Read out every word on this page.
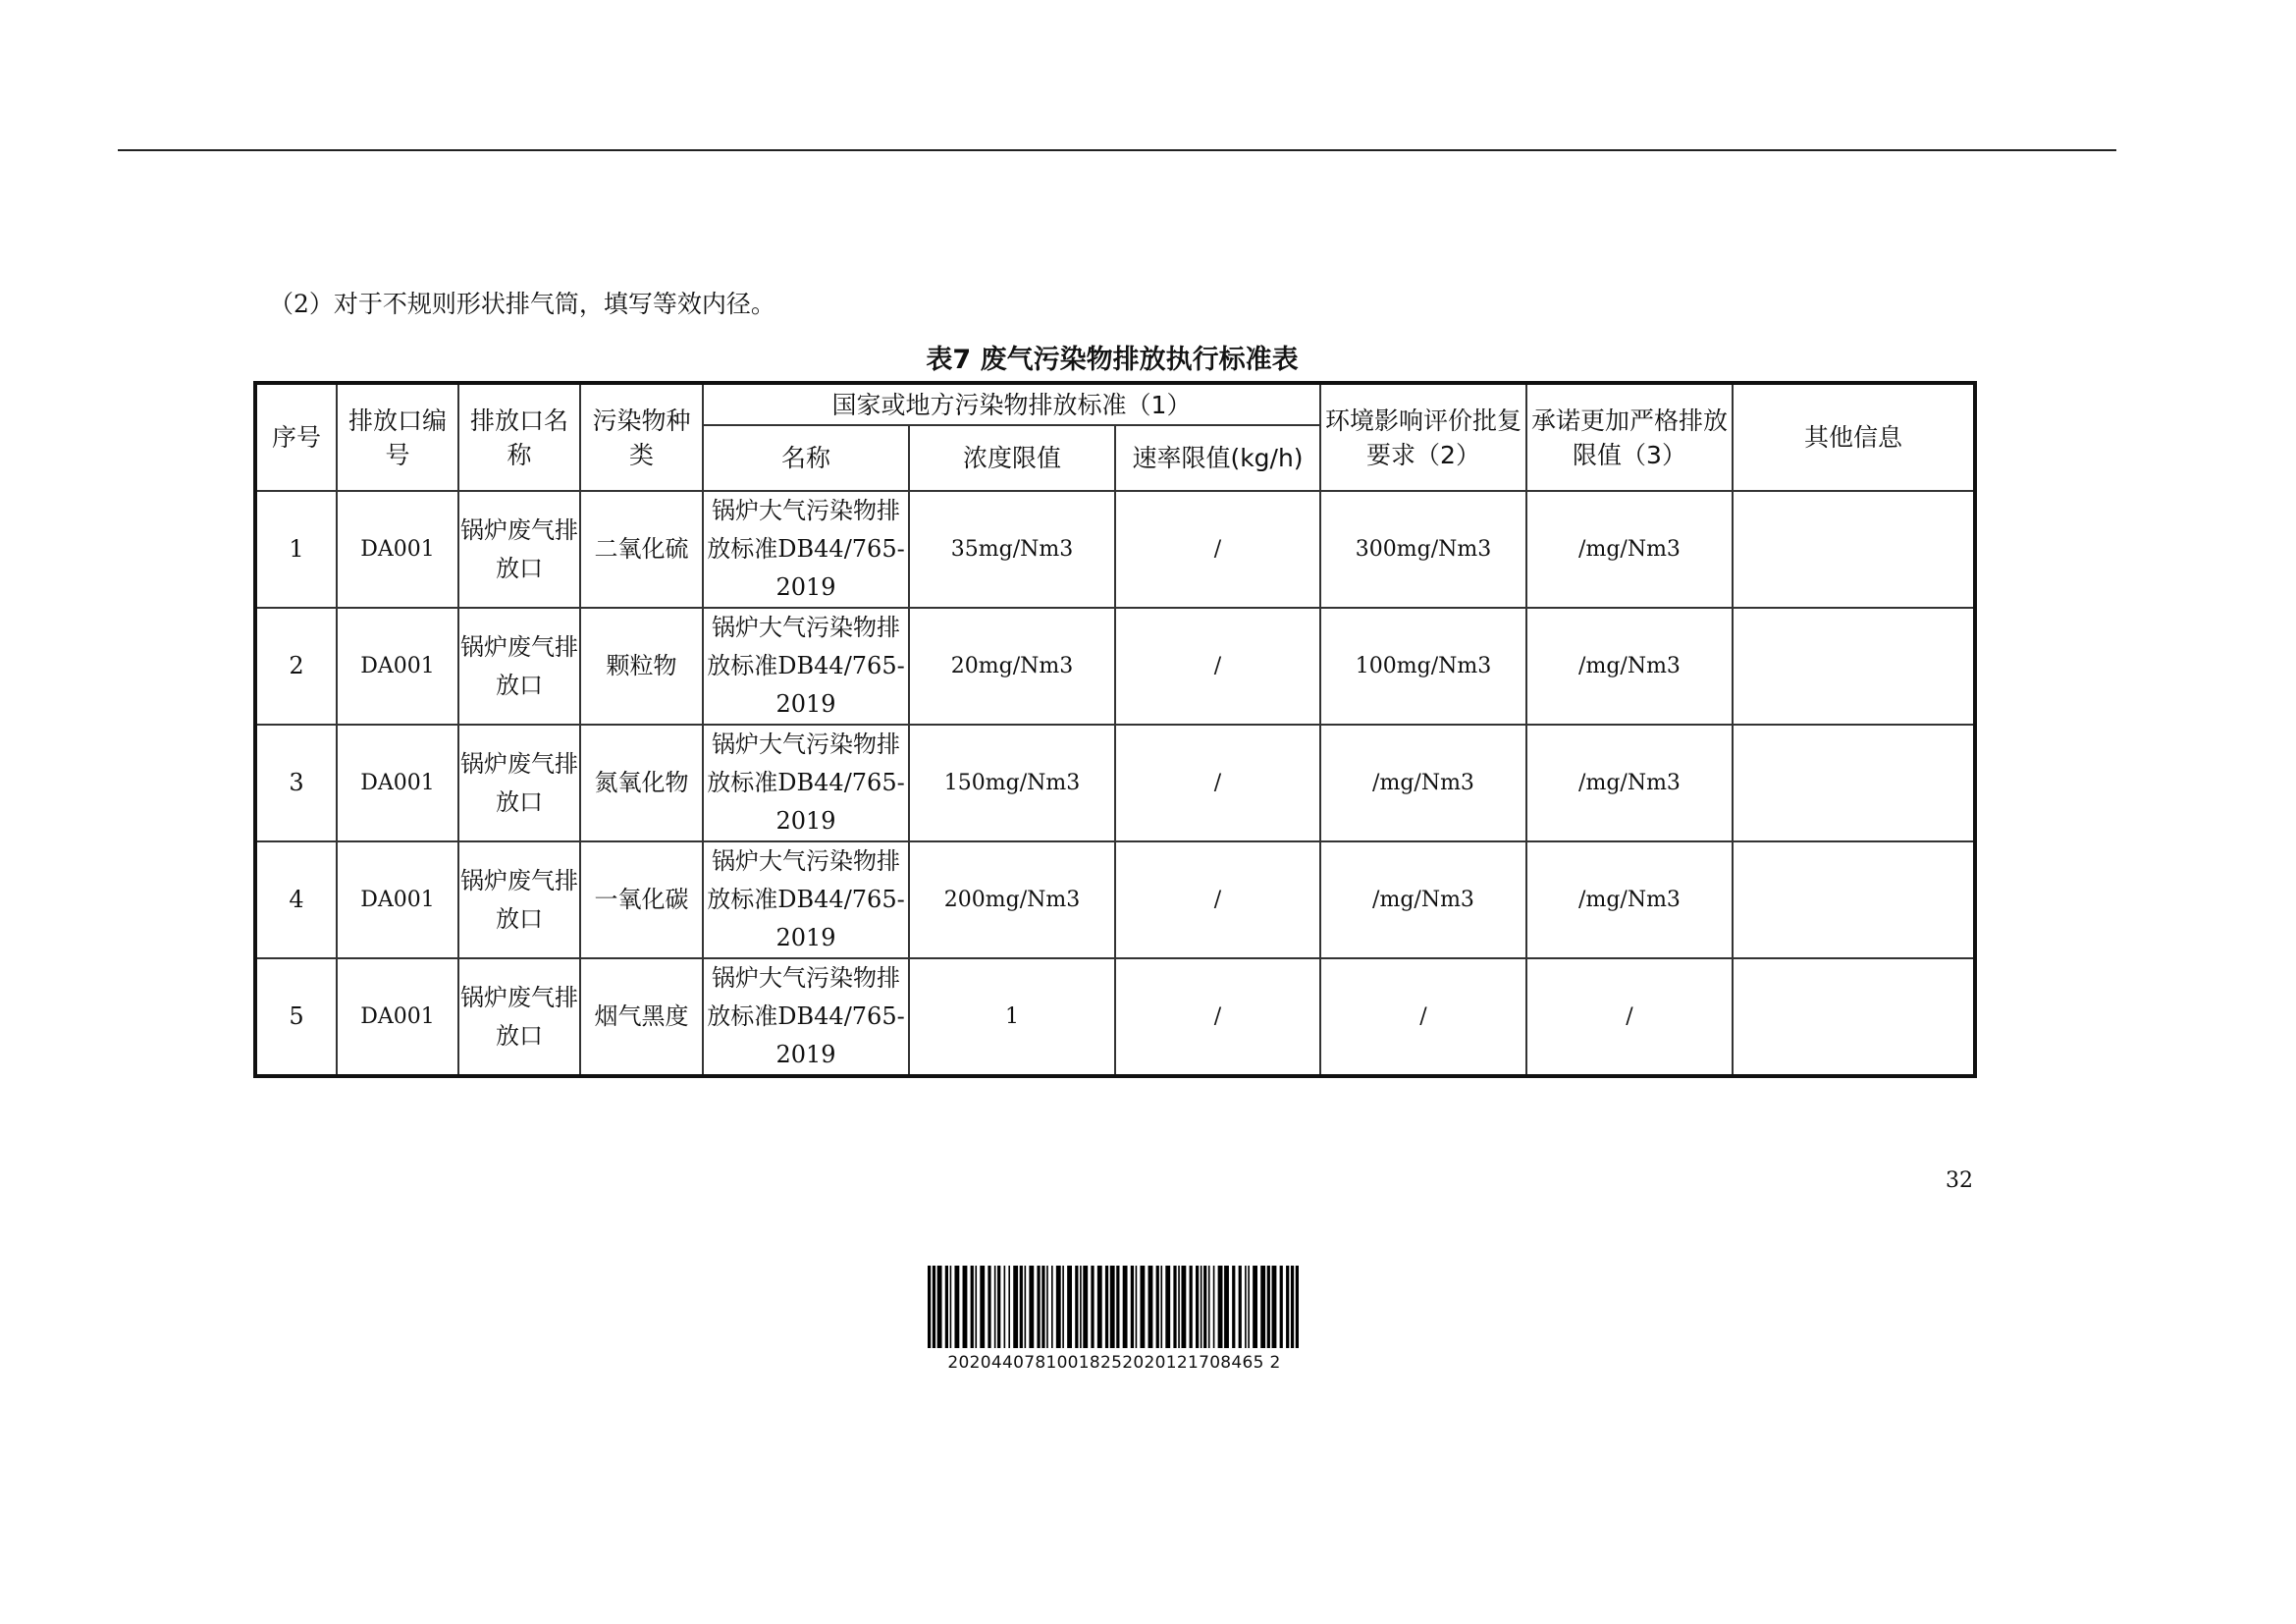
（2）对于不规则形状排气筒，填写等效内径。
表7 废气污染物排放执行标准表
序号	排放口编号	排放口名称	污染物种类	国家或地方污染物排放标准（1）			环境影响评价批复要求（2）	承诺更加严格排放限值（3）	其他信息
				名称	浓度限值	速率限值(kg/h)			
1	DA001	锅炉废气排放口	二氧化硫	锅炉大气污染物排放标准DB44/765-2019	35mg/Nm3	/	300mg/Nm3	/mg/Nm3	
2	DA001	锅炉废气排放口	颗粒物	锅炉大气污染物排放标准DB44/765-2019	20mg/Nm3	/	100mg/Nm3	/mg/Nm3	
3	DA001	锅炉废气排放口	氮氧化物	锅炉大气污染物排放标准DB44/765-2019	150mg/Nm3	/	/mg/Nm3	/mg/Nm3	
4	DA001	锅炉废气排放口	一氧化碳	锅炉大气污染物排放标准DB44/765-2019	200mg/Nm3	/	/mg/Nm3	/mg/Nm3	
5	DA001	锅炉废气排放口	烟气黑度	锅炉大气污染物排放标准DB44/765-2019	1	/	/	/	
32
20204407810018252020121708465 2
